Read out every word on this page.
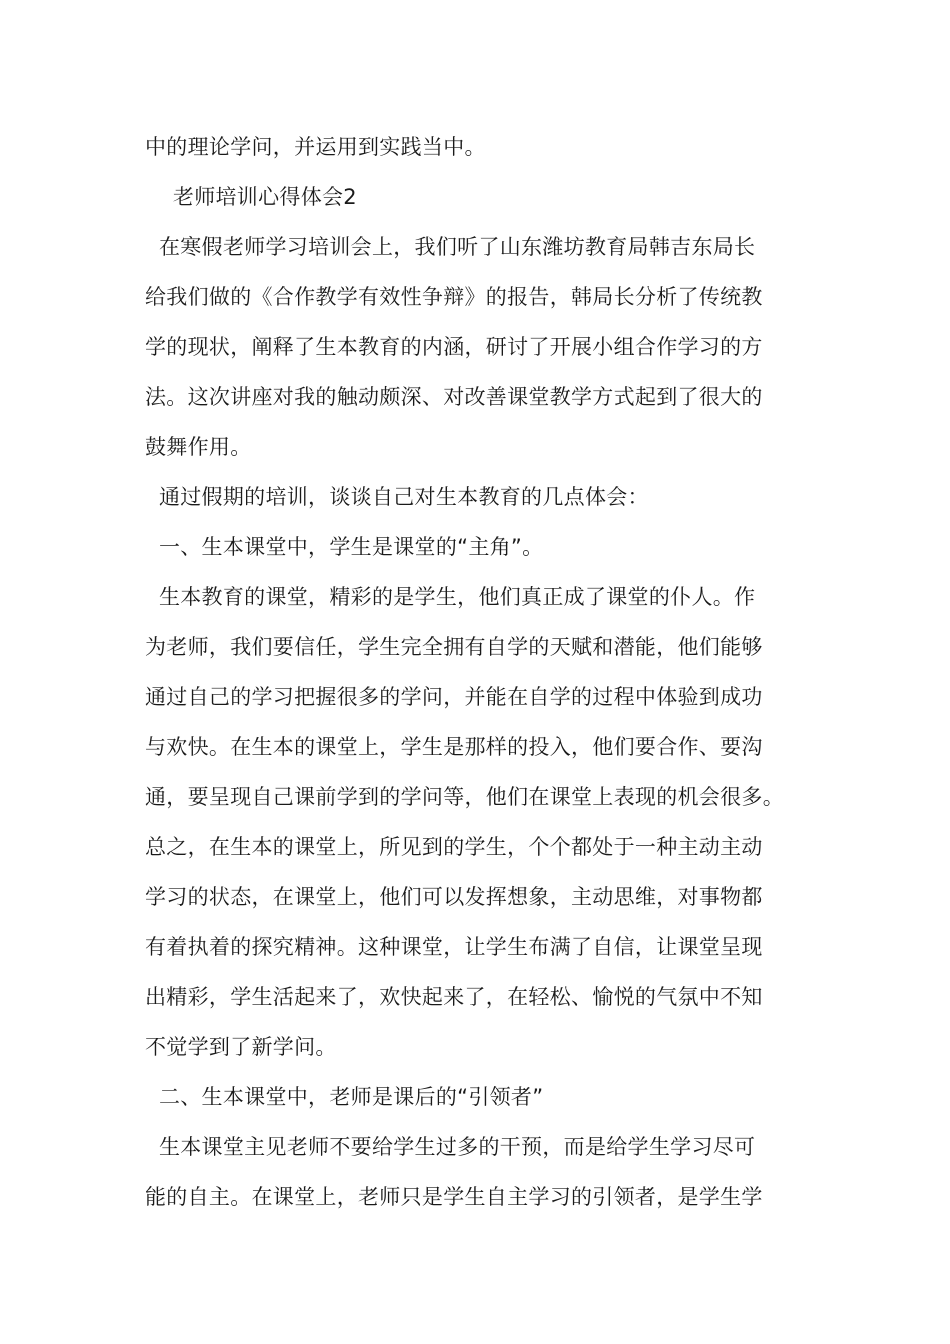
中的理论学问，并运用到实践当中。
老师培训心得体会2
在寒假老师学习培训会上，我们听了山东潍坊教育局韩吉东局长
给我们做的《合作教学有效性争辩》的报告，韩局长分析了传统教
学的现状，阐释了生本教育的内涵，研讨了开展小组合作学习的方
法。这次讲座对我的触动颇深、对改善课堂教学方式起到了很大的
鼓舞作用。
通过假期的培训，谈谈自己对生本教育的几点体会：
一、生本课堂中，学生是课堂的“主角”。
生本教育的课堂，精彩的是学生，他们真正成了课堂的仆人。作
为老师，我们要信任，学生完全拥有自学的天赋和潜能，他们能够
通过自己的学习把握很多的学问，并能在自学的过程中体验到成功
与欢快。在生本的课堂上，学生是那样的投入，他们要合作、要沟
通，要呈现自己课前学到的学问等，他们在课堂上表现的机会很多。
总之，在生本的课堂上，所见到的学生，个个都处于一种主动主动
学习的状态，在课堂上，他们可以发挥想象，主动思维，对事物都
有着执着的探究精神。这种课堂，让学生布满了自信，让课堂呈现
出精彩，学生活起来了，欢快起来了，在轻松、愉悦的气氛中不知
不觉学到了新学问。
二、生本课堂中，老师是课后的“引领者”
生本课堂主见老师不要给学生过多的干预，而是给学生学习尽可
能的自主。在课堂上，老师只是学生自主学习的引领者，是学生学
